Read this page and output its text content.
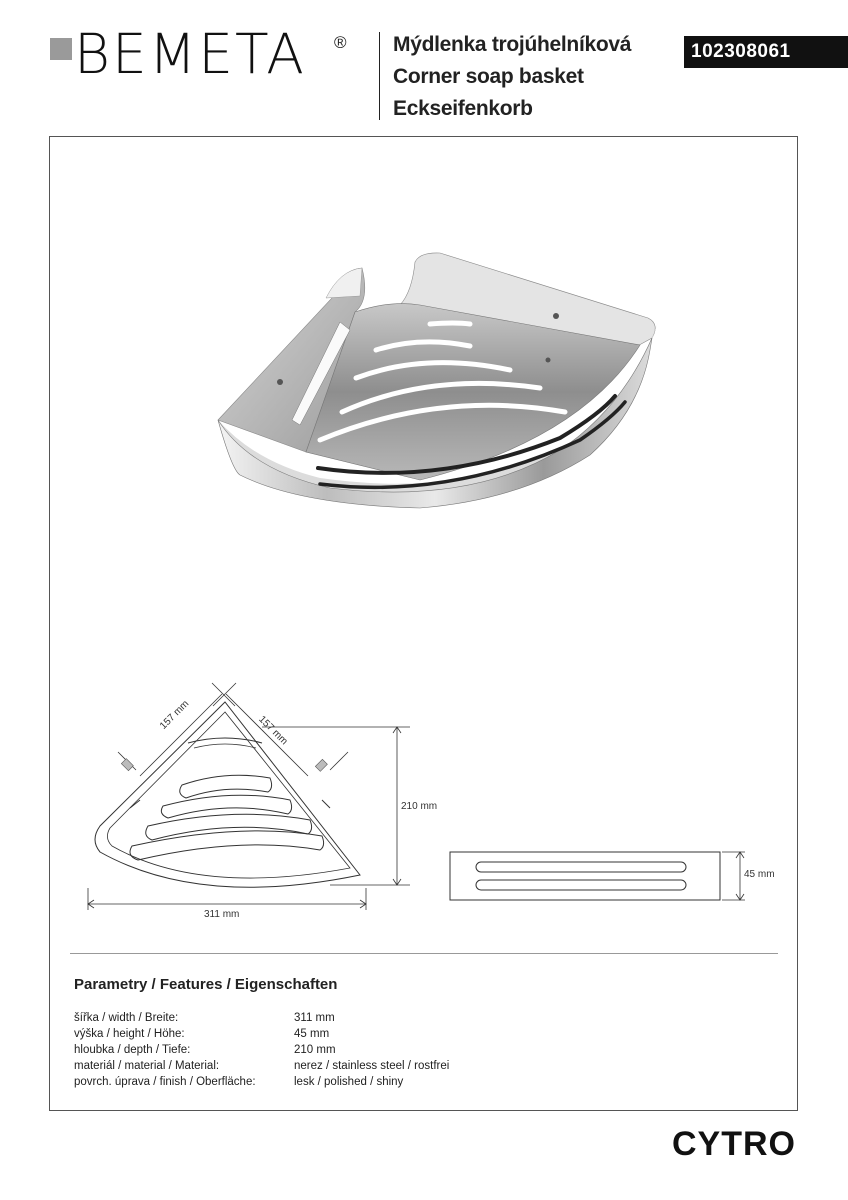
BEMETA ® Mýdlenka trojúhelníková
Corner soap basket
Eckseifenkorb
102308061
157 mm	157 mm
210 mm
311 mm
45 mm
Parametry / Features / Eigenschaften
šířka / width / Breite:	311 mm
výška / height / Höhe:	45 mm
hloubka / depth / Tiefe:	210 mm
materiál / material / Material:	nerez / stainless steel / rostfrei
povrch. úprava / finish / Oberfläche:	lesk / polished / shiny
CYTRO
